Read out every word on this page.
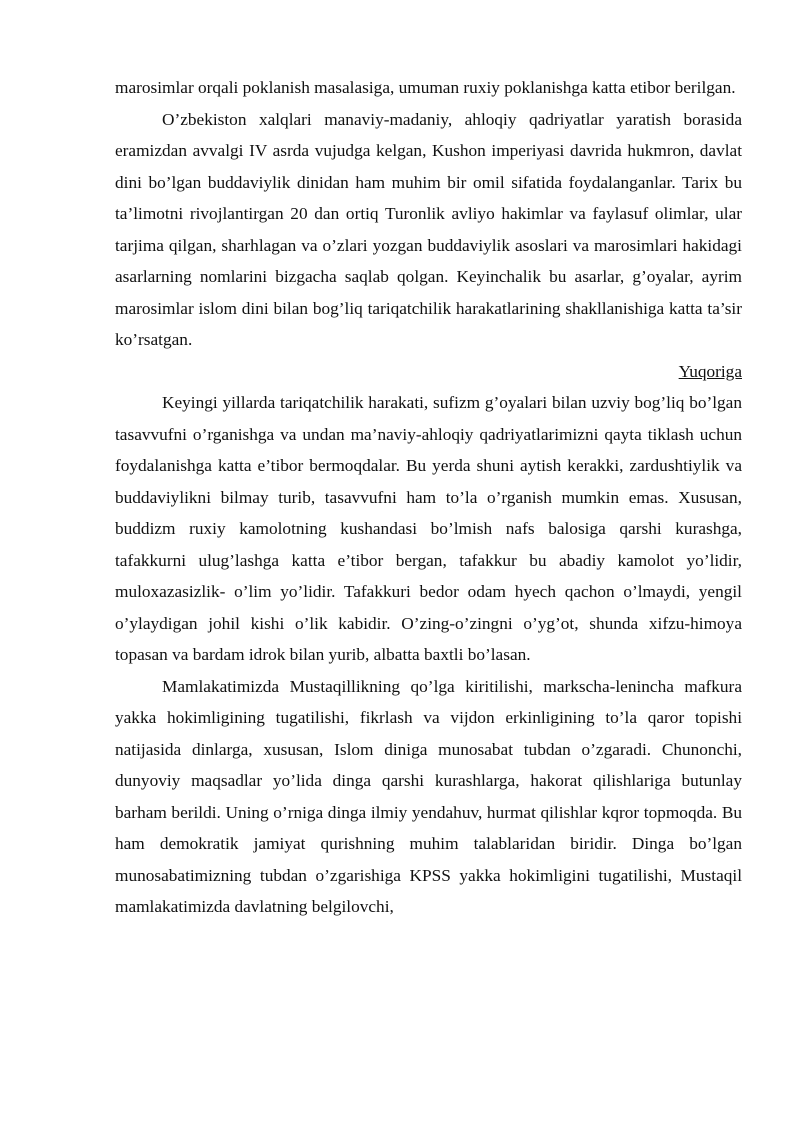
marosimlar orqali poklanish masalasiga, umuman ruxiy poklanishga katta etibor berilgan.

O’zbekiston xalqlari manaviy-madaniy, ahloqiy qadriyatlar yaratish borasida eramizdan avvalgi IV asrda vujudga kelgan, Kushon imperiyasi davrida hukmron, davlat dini bo’lgan buddaviylik dinidan ham muhim bir omil sifatida foydalanganlar. Tarix bu ta’limotni rivojlantirgan 20 dan ortiq Turonlik avliyo hakimlar va faylasuf olimlar, ular tarjima qilgan, sharhlagan va o’zlari yozgan buddaviylik asoslari va marosimlari hakidagi asarlarning nomlarini bizgacha saqlab qolgan. Keyinchalik bu asarlar, g’oyalar, ayrim marosimlar islom dini bilan bog’liq tariqatchilik harakatlarining shakllanishiga katta ta’sir ko’rsatgan.

Yuqoriga

Keyingi yillarda tariqatchilik harakati, sufizm g’oyalari bilan uzviy bog’liq bo’lgan tasavvufni o’rganishga va undan ma’naviy-ahloqiy qadriyatlarimizni qayta tiklash uchun foydalanishga katta e’tibor bermoqdalar. Bu yerda shuni aytish kerakki, zardushtiylik va buddaviylikni bilmay turib, tasavvufni ham to’la o’rganish mumkin emas. Xususan, buddizm ruxiy kamolotning kushandasi bo’lmish nafs balosiga qarshi kurashga, tafakkurni ulug’lashga katta e’tibor bergan, tafakkur bu abadiy kamolot yo’lidir, muloxazasizlik- o’lim yo’lidir. Tafakkuri bedor odam hyech qachon o’lmaydi, yengil o’ylaydigan johil kishi o’lik kabidir. O’zing-o’zingni o’yg’ot, shunda xifzu-himoya topasan va bardam idrok bilan yurib, albatta baxtli bo’lasan.

Mamlakatimizda Mustaqillikning qo’lga kiritilishi, markscha-lenincha mafkura yakka hokimligining tugatilishi, fikrlash va vijdon erkinligining to’la qaror topishi natijasida dinlarga, xususan, Islom diniga munosabat tubdan o’zgaradi. Chunonchi, dunyoviy maqsadlar yo’lida dinga qarshi kurashlarga, hakorat qilishlariga butunlay barham berildi. Uning o’rniga dinga ilmiy yendahuv, hurmat qilishlar kqror topmoqda. Bu ham demokratik jamiyat qurishning muhim talablaridan biridir. Dinga bo’lgan munosabatimizning tubdan o’zgarishiga KPSS yakka hokimligini tugatilishi, Mustaqil mamlakatimizda davlatning belgilovchi,
